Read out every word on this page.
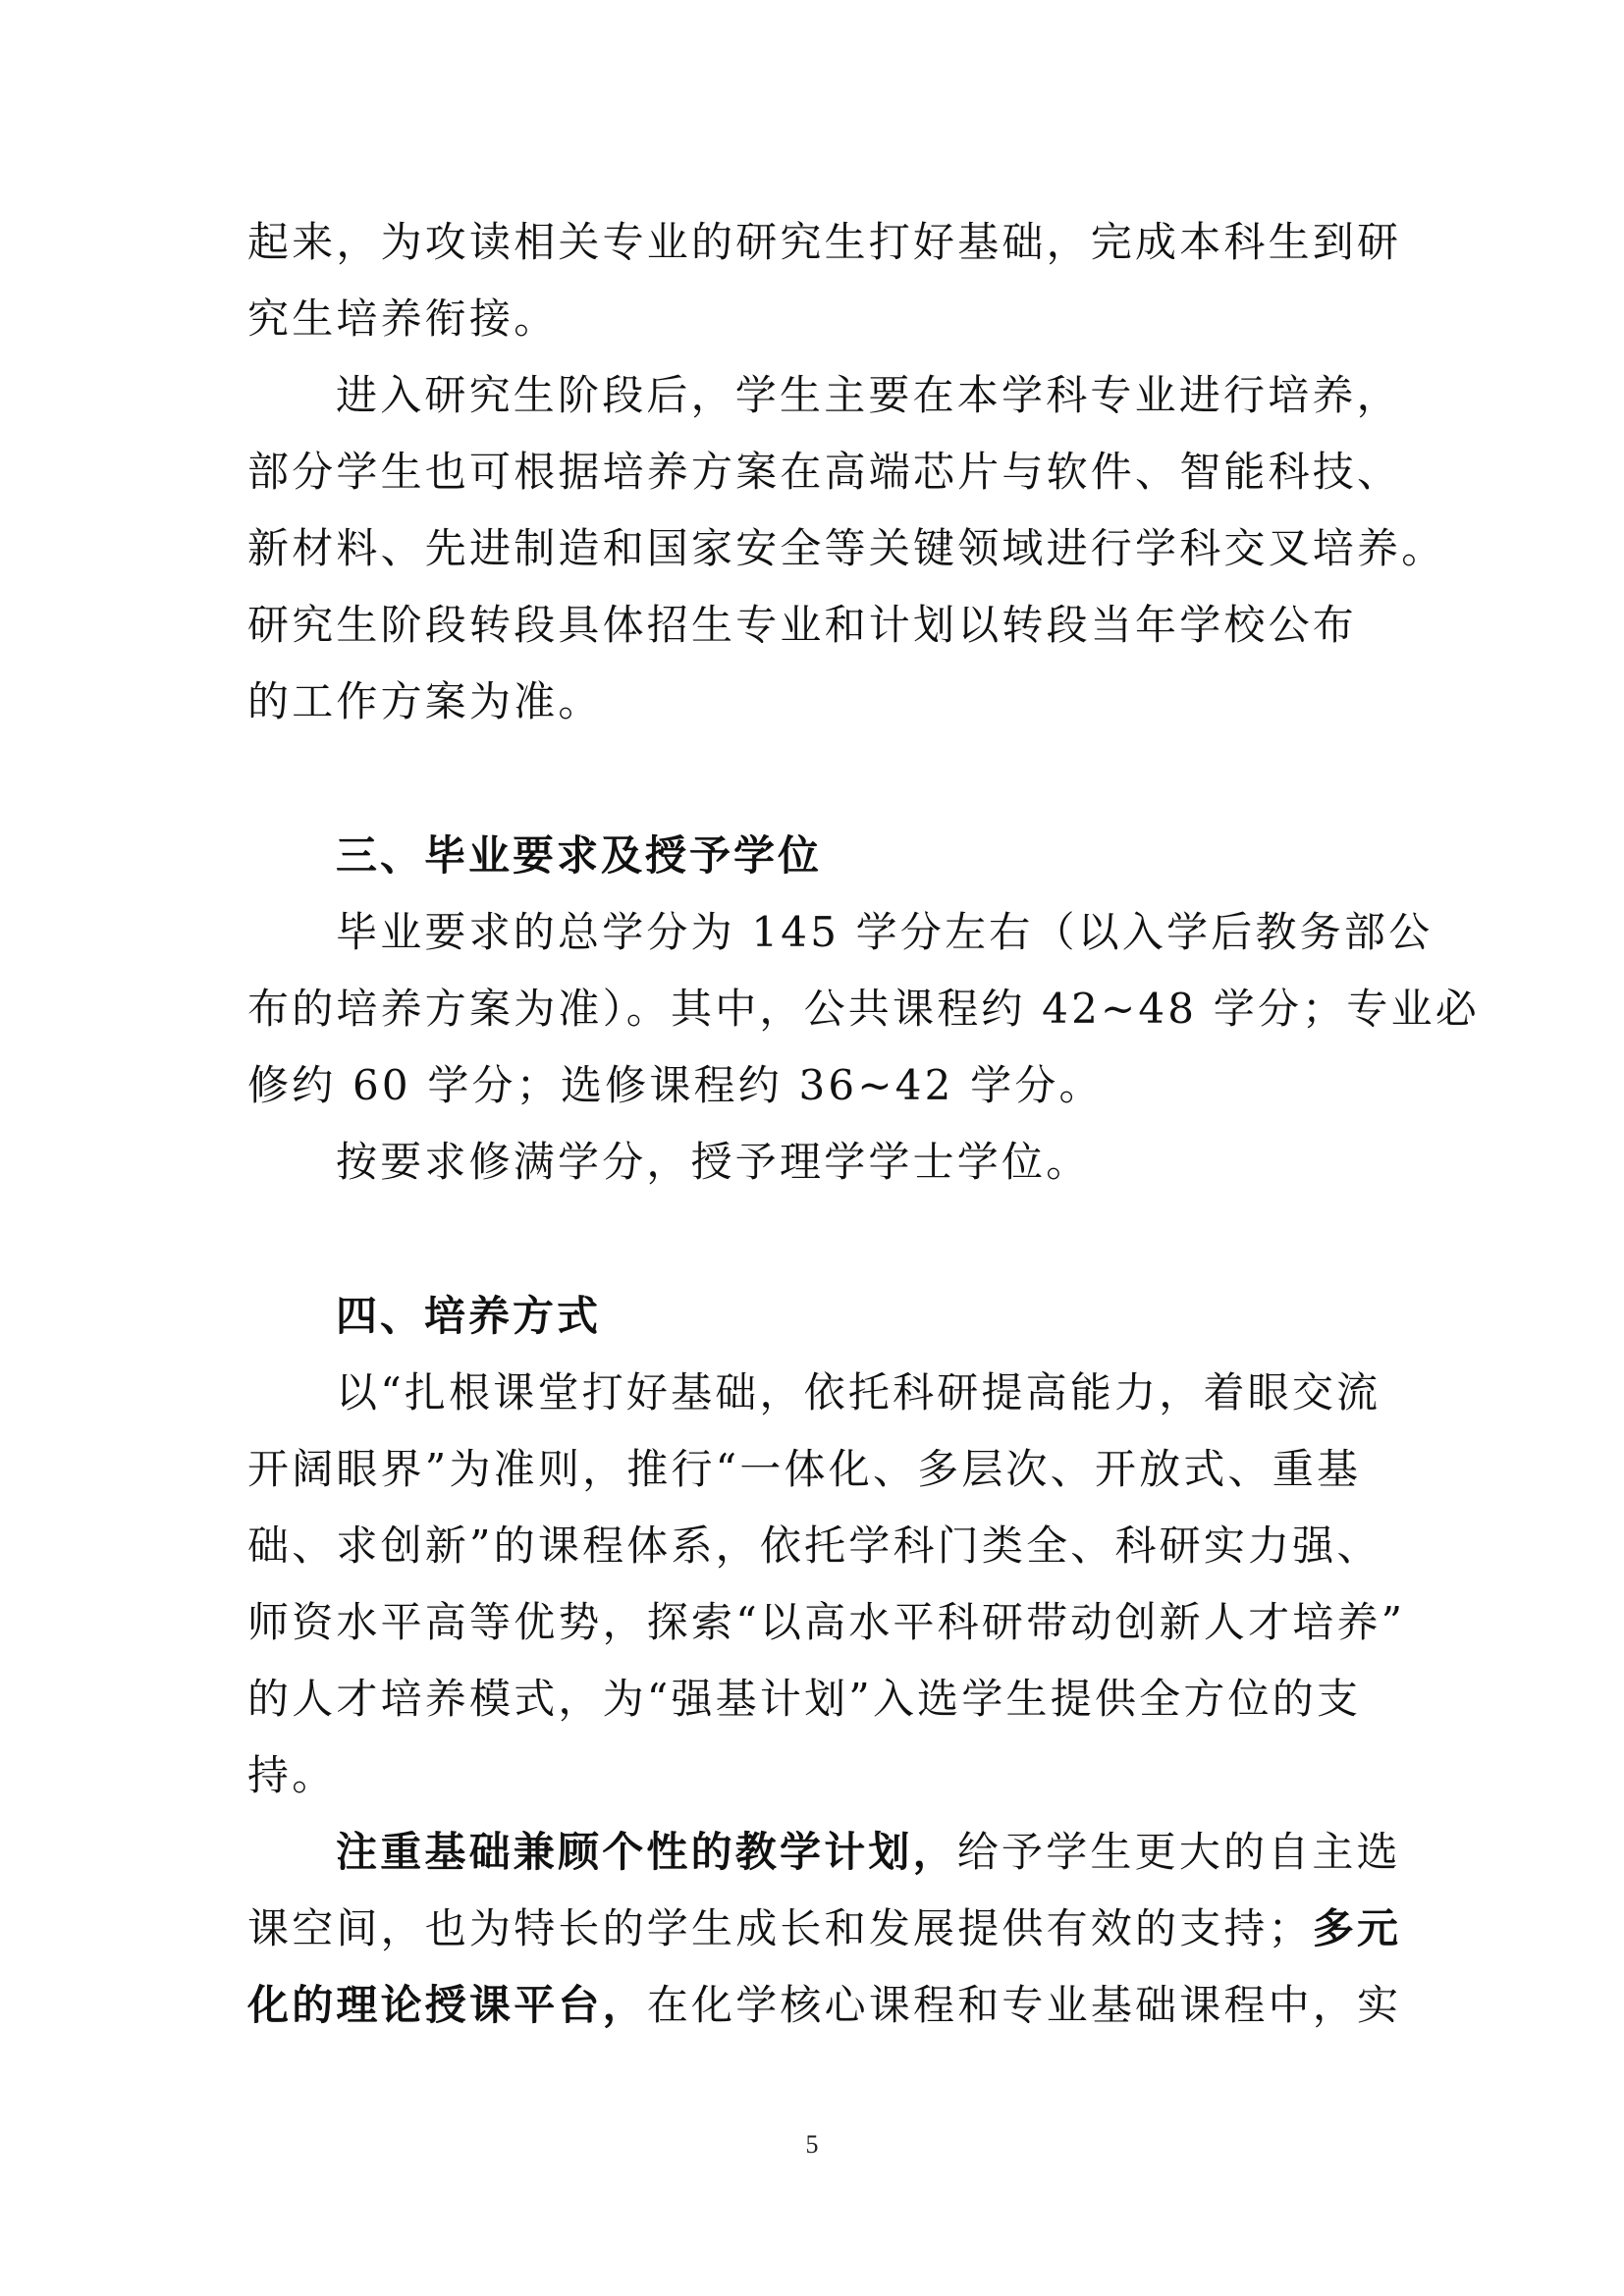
起来，为攻读相关专业的研究生打好基础，完成本科生到研
究生培养衔接。
进入研究生阶段后，学生主要在本学科专业进行培养，
部分学生也可根据培养方案在高端芯片与软件、智能科技、
新材料、先进制造和国家安全等关键领域进行学科交叉培养。
研究生阶段转段具体招生专业和计划以转段当年学校公布
的工作方案为准。
三、毕业要求及授予学位
毕业要求的总学分为 145 学分左右（以入学后教务部公
布的培养方案为准）。其中，公共课程约 42~48 学分；专业必
修约 60 学分；选修课程约 36~42 学分。
按要求修满学分，授予理学学士学位。
四、培养方式
以“扎根课堂打好基础，依托科研提高能力，着眼交流
开阔眼界”为准则，推行“一体化、多层次、开放式、重基
础、求创新”的课程体系，依托学科门类全、科研实力强、
师资水平高等优势，探索“以高水平科研带动创新人才培养”
的人才培养模式，为“强基计划”入选学生提供全方位的支
持。
注重基础兼顾个性的教学计划，给予学生更大的自主选
课空间，也为特长的学生成长和发展提供有效的支持；多元
化的理论授课平台，在化学核心课程和专业基础课程中，实
5
